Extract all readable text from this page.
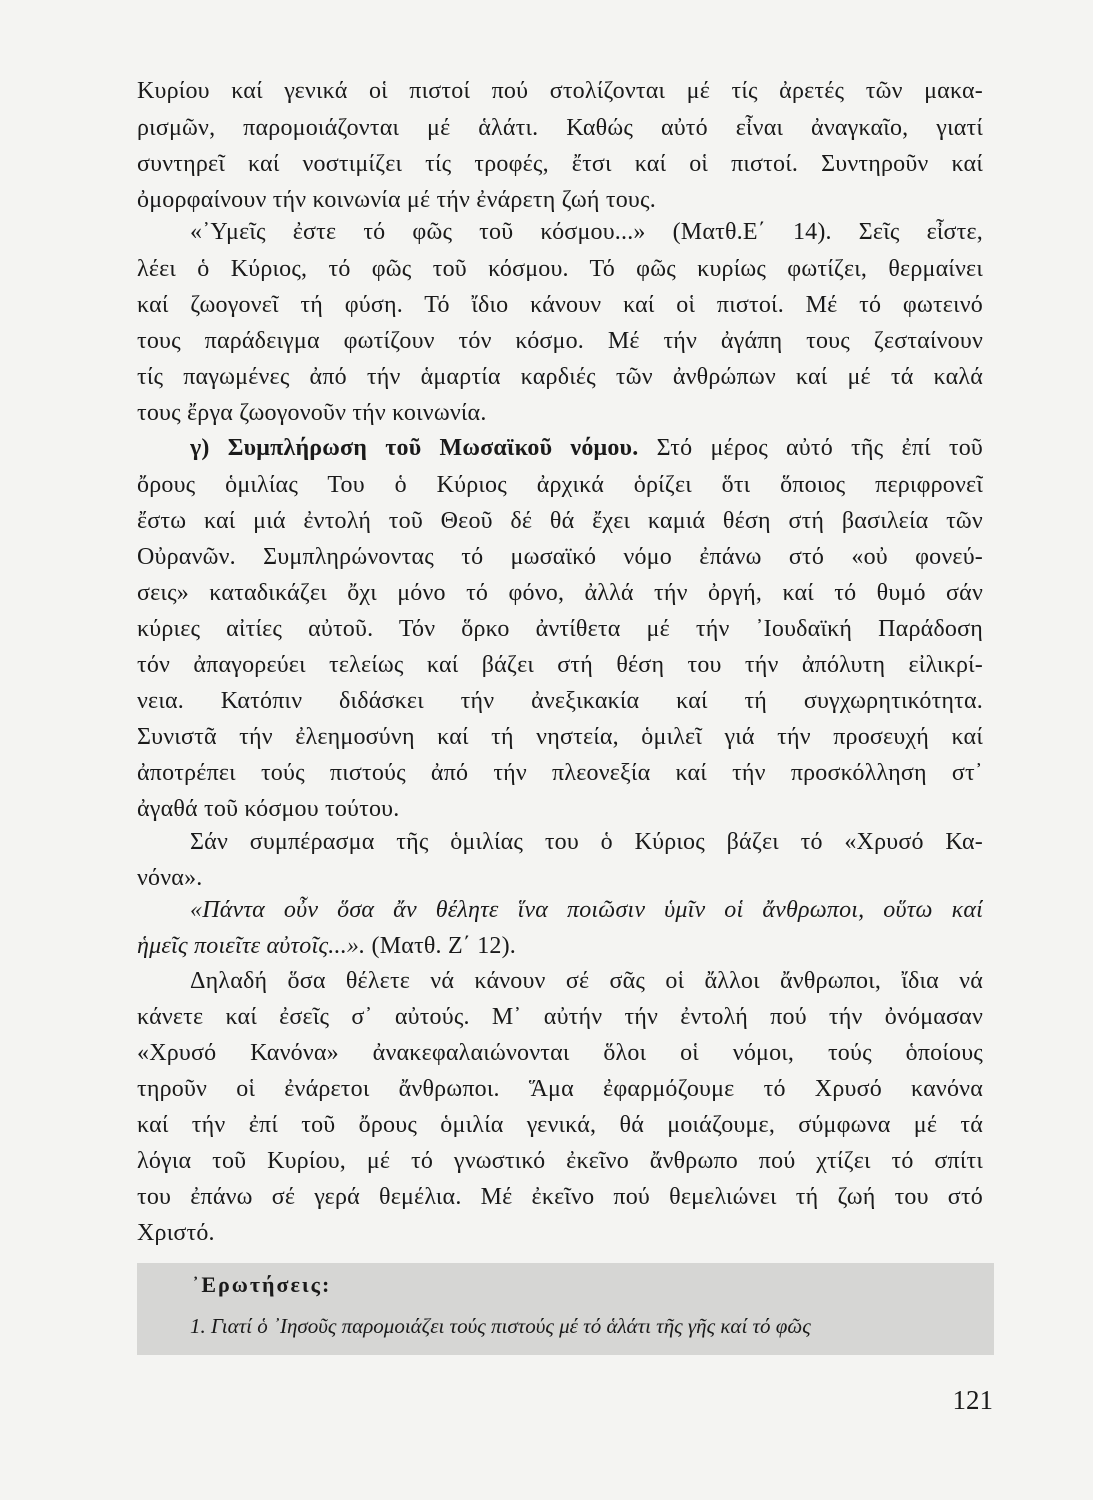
Κυρίου καί γενικά οἱ πιστοί πού στολίζονται μέ τίς ἀρετές τῶν μακα-
ρισμῶν, παρομοιάζονται μέ ἁλάτι. Καθώς αὐτό εἶναι ἀναγκαῖο, γιατί
συντηρεῖ καί νοστιμίζει τίς τροφές, ἔτσι καί οἱ πιστοί. Συντηροῦν καί
ὀμορφαίνουν τήν κοινωνία μέ τήν ἐνάρετη ζωή τους.
«᾿Υμεῖς ἐστε τό φῶς τοῦ κόσμου...» (Ματθ.Ε΄ 14). Σεῖς εἶστε,
λέει ὁ Κύριος, τό φῶς τοῦ κόσμου. Τό φῶς κυρίως φωτίζει, θερμαίνει
καί ζωογονεῖ τή φύση. Τό ἴδιο κάνουν καί οἱ πιστοί. Μέ τό φωτεινό
τους παράδειγμα φωτίζουν τόν κόσμο. Μέ τήν ἀγάπη τους ζεσταίνουν
τίς παγωμένες ἀπό τήν ἁμαρτία καρδιές τῶν ἀνθρώπων καί μέ τά καλά
τους ἔργα ζωογονοῦν τήν κοινωνία.
γ) Συμπλήρωση τοῦ Μωσαϊκοῦ νόμου. Στό μέρος αὐτό τῆς ἐπί τοῦ
ὄρους ὁμιλίας Του ὁ Κύριος ἀρχικά ὁρίζει ὅτι ὅποιος περιφρονεῖ
ἔστω καί μιά ἐντολή τοῦ Θεοῦ δέ θά ἔχει καμιά θέση στή βασιλεία τῶν
Οὐρανῶν. Συμπληρώνοντας τό μωσαϊκό νόμο ἐπάνω στό «οὐ φονεύ-
σεις» καταδικάζει ὄχι μόνο τό φόνο, ἀλλά τήν ὀργή, καί τό θυμό σάν
κύριες αἰτίες αὐτοῦ. Τόν ὅρκο ἀντίθετα μέ τήν ᾿Ιουδαϊκή Παράδοση
τόν ἀπαγορεύει τελείως καί βάζει στή θέση του τήν ἀπόλυτη εἰλικρί-
νεια. Κατόπιν διδάσκει τήν ἀνεξικακία καί τή συγχωρητικότητα.
Συνιστᾶ τήν ἐλεημοσύνη καί τή νηστεία, ὁμιλεῖ γιά τήν προσευχή καί
ἀποτρέπει τούς πιστούς ἀπό τήν πλεονεξία καί τήν προσκόλληση στ᾿
ἀγαθά τοῦ κόσμου τούτου.
Σάν συμπέρασμα τῆς ὁμιλίας του ὁ Κύριος βάζει τό «Χρυσό Κα-
νόνα».
«Πάντα οὖν ὅσα ἄν θέλητε ἵνα ποιῶσιν ὑμῖν οἱ ἄνθρωποι, οὕτω καί
ἡμεῖς ποιεῖτε αὐτοῖς...». (Ματθ. Ζ΄ 12).
Δηλαδή ὅσα θέλετε νά κάνουν σέ σᾶς οἱ ἄλλοι ἄνθρωποι, ἴδια νά
κάνετε καί ἐσεῖς σ᾿ αὐτούς. Μ᾿ αὐτήν τήν ἐντολή πού τήν ὀνόμασαν
«Χρυσό Κανόνα» ἀνακεφαλαιώνονται ὅλοι οἱ νόμοι, τούς ὁποίους
τηροῦν οἱ ἐνάρετοι ἄνθρωποι. Ἅμα ἐφαρμόζουμε τό Χρυσό κανόνα
καί τήν ἐπί τοῦ ὄρους ὁμιλία γενικά, θά μοιάζουμε, σύμφωνα μέ τά
λόγια τοῦ Κυρίου, μέ τό γνωστικό ἐκεῖνο ἄνθρωπο πού χτίζει τό σπίτι
του ἐπάνω σέ γερά θεμέλια. Μέ ἐκεῖνο πού θεμελιώνει τή ζωή του στό
Χριστό.
᾿Ερωτήσεις:
1. Γιατί ὁ ᾿Ιησοῦς παρομοιάζει τούς πιστούς μέ τό ἁλάτι τῆς γῆς καί τό φῶς
121
